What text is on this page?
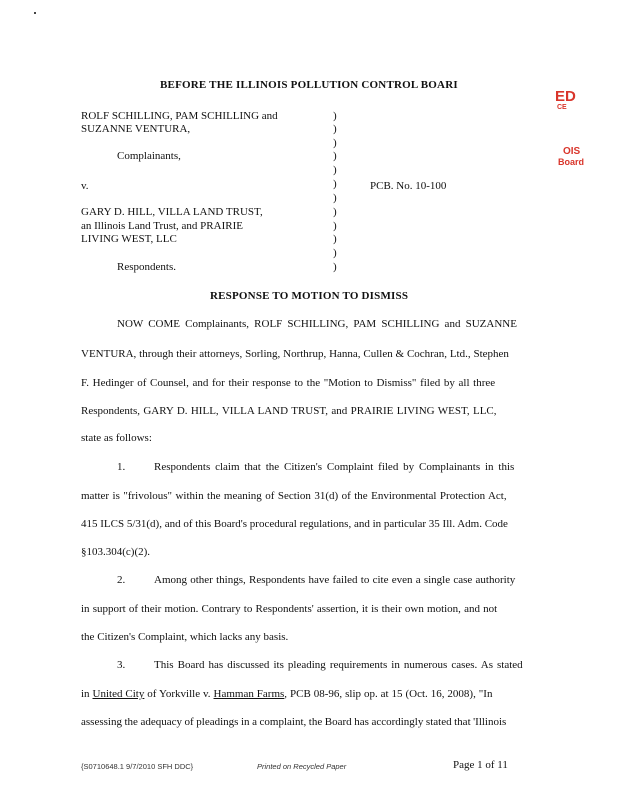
BEFORE THE ILLINOIS POLLUTION CONTROL BOARI
ED
CE
OIS
Board
ROLF SCHILLING, PAM SCHILLING and
SUZANNE VENTURA,
Complainants,
v.
GARY D. HILL, VILLA LAND TRUST,
an Illinois Land Trust, and PRAIRIE
LIVING WEST, LLC
Respondents.
)
)
)
)
)
)
)
)
)
)
)
)
PCB. No. 10-100
RESPONSE TO MOTION TO DISMISS
NOW COME Complainants, ROLF SCHILLING, PAM SCHILLING and SUZANNE
VENTURA, through their attorneys, Sorling, Northrup, Hanna, Cullen & Cochran, Ltd., Stephen
F. Hedinger of Counsel, and for their response to the "Motion to Dismiss" filed by all three
Respondents, GARY D. HILL, VILLA LAND TRUST, and PRAIRIE LIVING WEST, LLC,
state as follows:
1.	Respondents claim that the Citizen's Complaint filed by Complainants in this
matter is "frivolous" within the meaning of Section 31(d) of the Environmental Protection Act,
415 ILCS 5/31(d), and of this Board's procedural regulations, and in particular 35 Ill. Adm. Code
§103.304(c)(2).
2.	Among other things, Respondents have failed to cite even a single case authority
in support of their motion. Contrary to Respondents' assertion, it is their own motion, and not
the Citizen's Complaint, which lacks any basis.
3.	This Board has discussed its pleading requirements in numerous cases. As stated
in United City of Yorkville v. Hamman Farms, PCB 08-96, slip op. at 15 (Oct. 16, 2008), "In
assessing the adequacy of pleadings in a complaint, the Board has accordingly stated that 'Illinois
{S0710648.1 9/7/2010 SFH DDC}	Printed on Recycled Paper	Page 1 of 11
